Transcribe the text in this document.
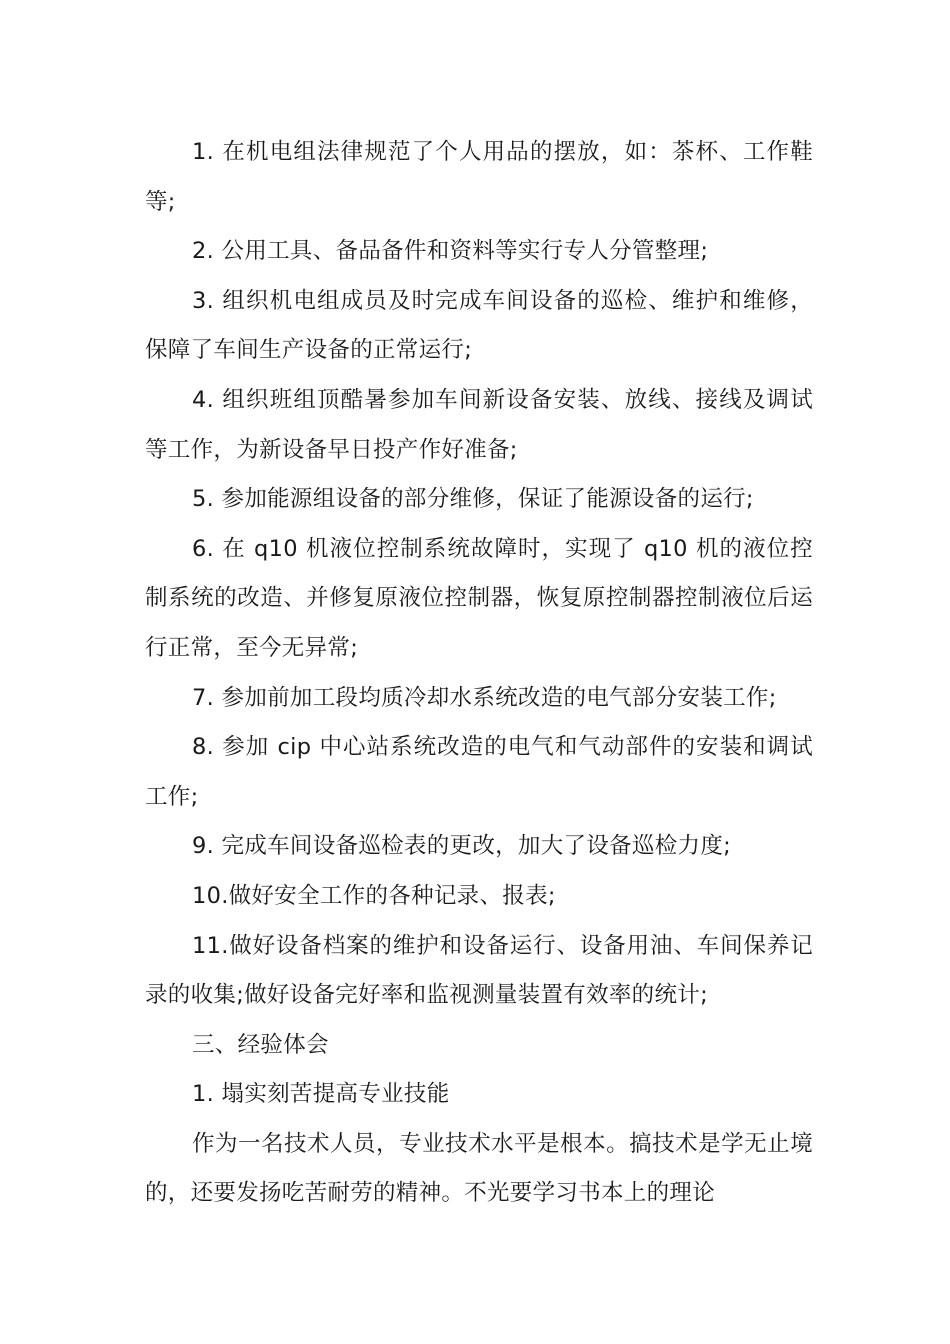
1. 在机电组法律规范了个人用品的摆放，如：茶杯、工作鞋等;

2. 公用工具、备品备件和资料等实行专人分管整理;

3. 组织机电组成员及时完成车间设备的巡检、维护和维修，保障了车间生产设备的正常运行;

4. 组织班组顶酷暑参加车间新设备安装、放线、接线及调试等工作，为新设备早日投产作好准备;

5. 参加能源组设备的部分维修，保证了能源设备的运行;

6. 在 q10 机液位控制系统故障时，实现了 q10 机的液位控制系统的改造、并修复原液位控制器，恢复原控制器控制液位后运行正常，至今无异常;

7. 参加前加工段均质冷却水系统改造的电气部分安装工作;

8. 参加 cip 中心站系统改造的电气和气动部件的安装和调试工作;

9. 完成车间设备巡检表的更改，加大了设备巡检力度;

10.做好安全工作的各种记录、报表;

11.做好设备档案的维护和设备运行、设备用油、车间保养记录的收集;做好设备完好率和监视测量装置有效率的统计;

三、经验体会

1. 塌实刻苦提高专业技能

作为一名技术人员，专业技术水平是根本。搞技术是学无止境的，还要发扬吃苦耐劳的精神。不光要学习书本上的理论
